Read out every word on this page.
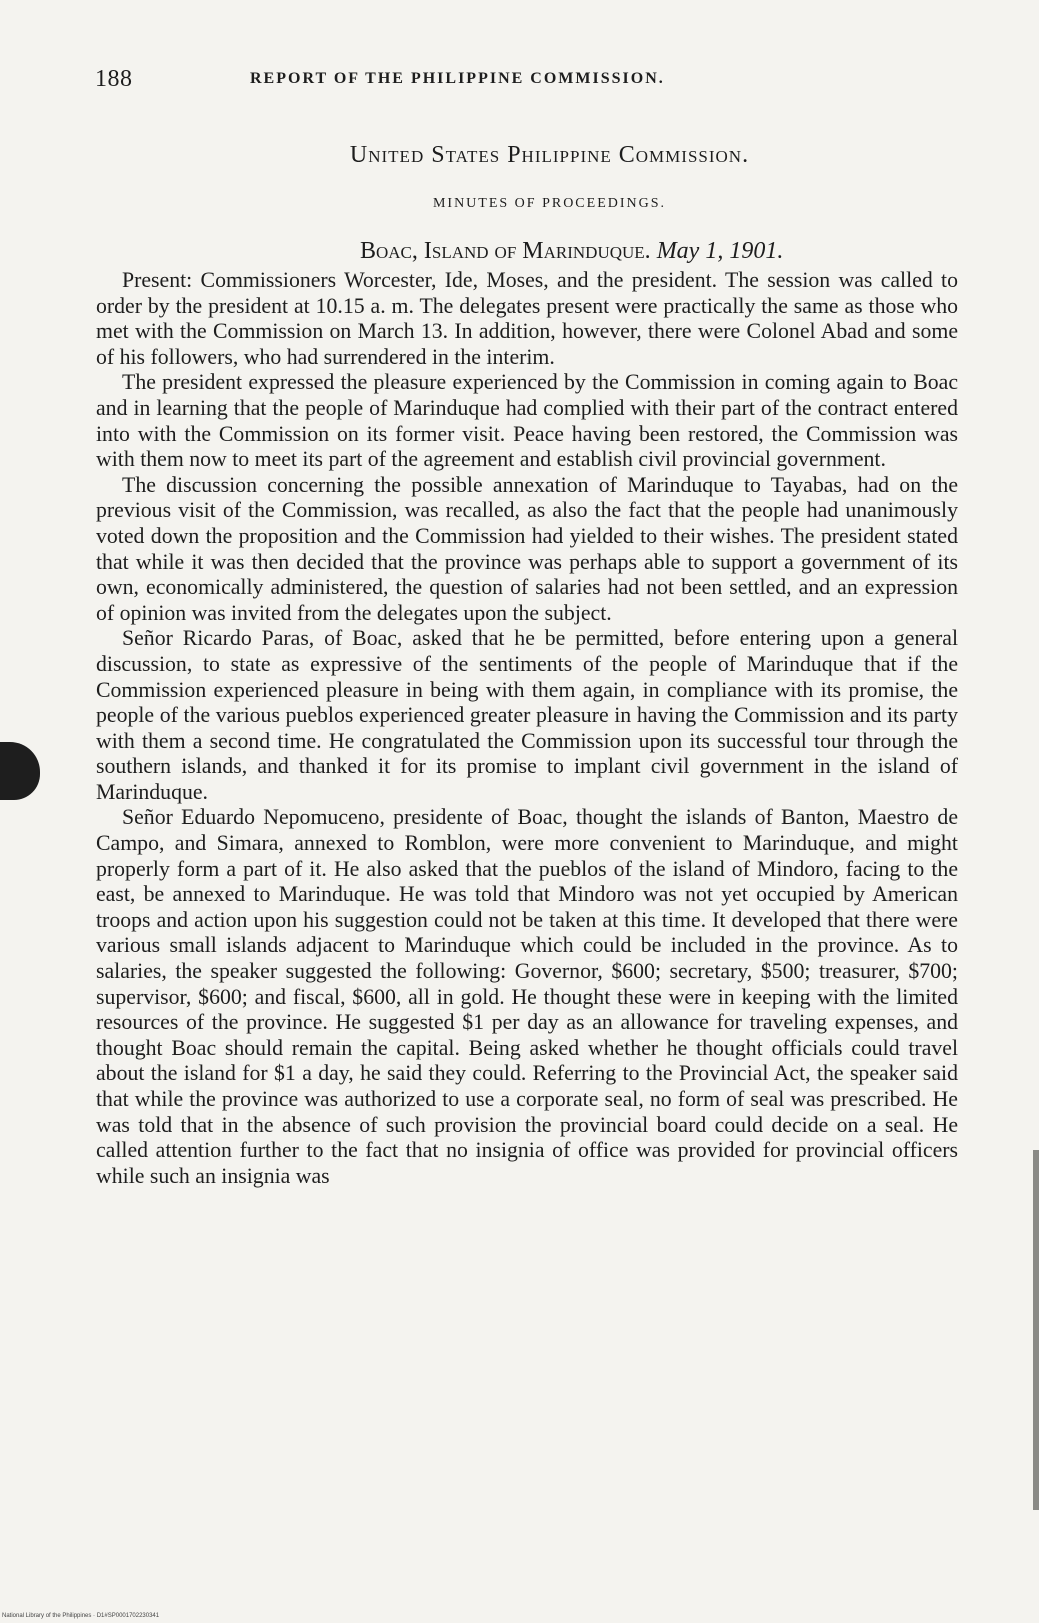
188	REPORT OF THE PHILIPPINE COMMISSION.
United States Philippine Commission.
MINUTES OF PROCEEDINGS.
Boac, Island of Marinduque. May 1, 1901.

Present: Commissioners Worcester, Ide, Moses, and the president. The session was called to order by the president at 10.15 a. m. The delegates present were practically the same as those who met with the Commission on March 13. In addition, however, there were Colonel Abad and some of his followers, who had surrendered in the interim.

The president expressed the pleasure experienced by the Commission in coming again to Boac and in learning that the people of Marinduque had complied with their part of the contract entered into with the Commission on its former visit. Peace having been restored, the Commission was with them now to meet its part of the agreement and establish civil provincial government.

The discussion concerning the possible annexation of Marinduque to Tayabas, had on the previous visit of the Commission, was recalled, as also the fact that the people had unanimously voted down the proposition and the Commission had yielded to their wishes. The president stated that while it was then decided that the province was perhaps able to support a government of its own, economically administered, the question of salaries had not been settled, and an expression of opinion was invited from the delegates upon the subject.

Señor Ricardo Paras, of Boac, asked that he be permitted, before entering upon a general discussion, to state as expressive of the sentiments of the people of Marinduque that if the Commission experienced pleasure in being with them again, in compliance with its promise, the people of the various pueblos experienced greater pleasure in having the Commission and its party with them a second time. He congratulated the Commission upon its successful tour through the southern islands, and thanked it for its promise to implant civil government in the island of Marinduque.

Señor Eduardo Nepomuceno, presidente of Boac, thought the islands of Banton, Maestro de Campo, and Simara, annexed to Romblon, were more convenient to Marinduque, and might properly form a part of it. He also asked that the pueblos of the island of Mindoro, facing to the east, be annexed to Marinduque. He was told that Mindoro was not yet occupied by American troops and action upon his suggestion could not be taken at this time. It developed that there were various small islands adjacent to Marinduque which could be included in the province. As to salaries, the speaker suggested the following: Governor, $600; secretary, $500; treasurer, $700; supervisor, $600; and fiscal, $600, all in gold. He thought these were in keeping with the limited resources of the province. He suggested $1 per day as an allowance for traveling expenses, and thought Boac should remain the capital. Being asked whether he thought officials could travel about the island for $1 a day, he said they could. Referring to the Provincial Act, the speaker said that while the province was authorized to use a corporate seal, no form of seal was prescribed. He was told that in the absence of such provision the provincial board could decide on a seal. He called attention further to the fact that no insignia of office was provided for provincial officers while such an insignia was

National Library of the Philippines · D1#SP0001702230341
